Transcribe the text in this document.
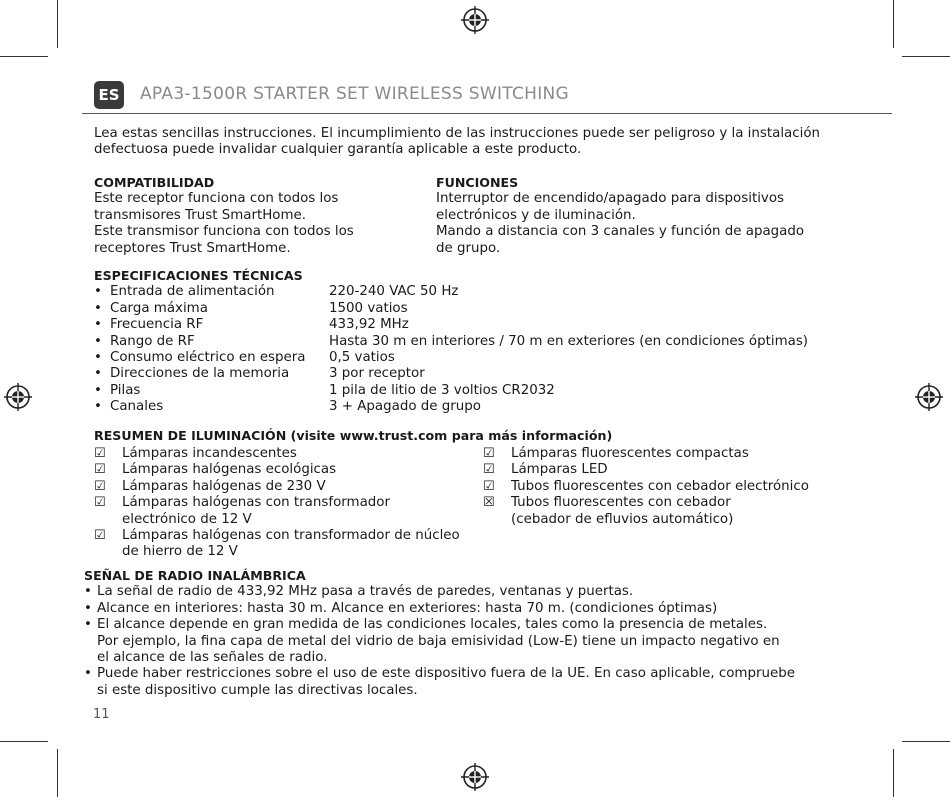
ES APA3-1500R STARTER SET WIRELESS SWITCHING
Lea estas sencillas instrucciones. El incumplimiento de las instrucciones puede ser peligroso y la instalación
defectuosa puede invalidar cualquier garantía aplicable a este producto.
COMPATIBILIDAD
Este receptor funciona con todos los
transmisores Trust SmartHome.
Este transmisor funciona con todos los
receptores Trust SmartHome.
FUNCIONES
Interruptor de encendido/apagado para dispositivos
electrónicos y de iluminación.
Mando a distancia con 3 canales y función de apagado
de grupo.
ESPECIFICACIONES TÉCNICAS
• Entrada de alimentación	220-240 VAC 50 Hz
• Carga máxima	1500 vatios
• Frecuencia RF	433,92 MHz
• Rango de RF	Hasta 30 m en interiores / 70 m en exteriores (en condiciones óptimas)
• Consumo eléctrico en espera 0,5 vatios
• Direcciones de la memoria	3 por receptor
• Pilas	1 pila de litio de 3 voltios CR2032
• Canales	3 + Apagado de grupo
RESUMEN DE ILUMINACIÓN (visite www.trust.com para más información)
☑ Lámparas incandescentes
☑ Lámparas halógenas ecológicas
☑ Lámparas halógenas de 230 V
☑ Lámparas halógenas con transformador
electrónico de 12 V
☑ Lámparas halógenas con transformador de núcleo
de hierro de 12 V
☑ Lámparas fluorescentes compactas
☑ Lámparas LED
☑ Tubos fluorescentes con cebador electrónico
☒ Tubos fluorescentes con cebador
(cebador de efluvios automático)
SEÑAL DE RADIO INALÁMBRICA
• La señal de radio de 433,92 MHz pasa a través de paredes, ventanas y puertas.
• Alcance en interiores: hasta 30 m. Alcance en exteriores: hasta 70 m. (condiciones óptimas)
• El alcance depende en gran medida de las condiciones locales, tales como la presencia de metales.
Por ejemplo, la fina capa de metal del vidrio de baja emisividad (Low-E) tiene un impacto negativo en
el alcance de las señales de radio.
• Puede haber restricciones sobre el uso de este dispositivo fuera de la UE. En caso aplicable, compruebe
si este dispositivo cumple las directivas locales.
11
